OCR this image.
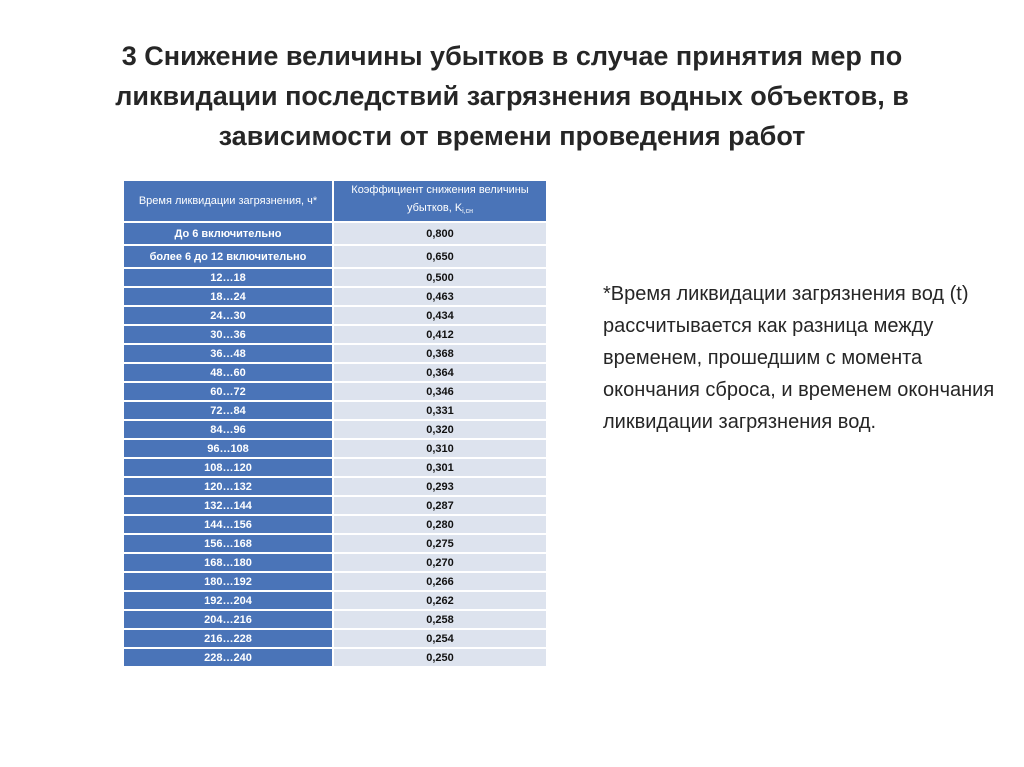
3 Снижение величины убытков в случае принятия мер по ликвидации последствий загрязнения водных объектов, в зависимости от времени проведения работ
Время ликвидации загрязнения, ч*	Коэффициент снижения величины убытков, $K_{i,сн}$
До 6 включительно	0,800
более 6 до 12 включительно	0,650
12…18	0,500
18…24	0,463
24…30	0,434
30…36	0,412
36…48	0,368
48…60	0,364
60…72	0,346
72…84	0,331
84…96	0,320
96…108	0,310
108…120	0,301
120…132	0,293
132…144	0,287
144…156	0,280
156…168	0,275
168…180	0,270
180…192	0,266
192…204	0,262
204…216	0,258
216…228	0,254
228…240	0,250

*Время ликвидации загрязнения вод (t) рассчитывается как разница между временем, прошедшим с момента окончания сброса, и временем окончания ликвидации загрязнения вод.
